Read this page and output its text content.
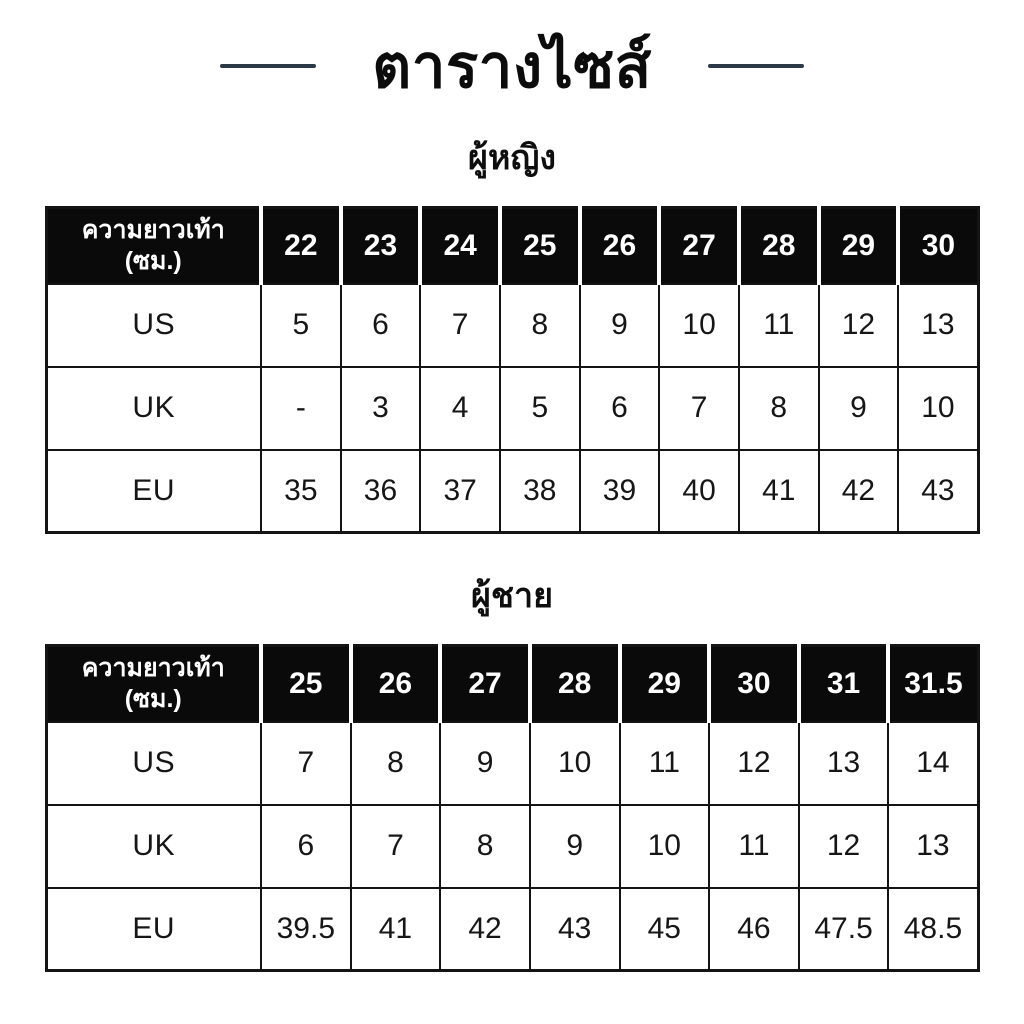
ตารางไซส์
ผู้หญิง
ความยาวเท้า
(ซม.)	22	23	24	25	26	27	28	29	30
US	5	6	7	8	9	10	11	12	13
UK	-	3	4	5	6	7	8	9	10
EU	35	36	37	38	39	40	41	42	43
ผู้ชาย
ความยาวเท้า
(ซม.)	25	26	27	28	29	30	31	31.5
US	7	8	9	10	11	12	13	14
UK	6	7	8	9	10	11	12	13
EU	39.5	41	42	43	45	46	47.5	48.5
